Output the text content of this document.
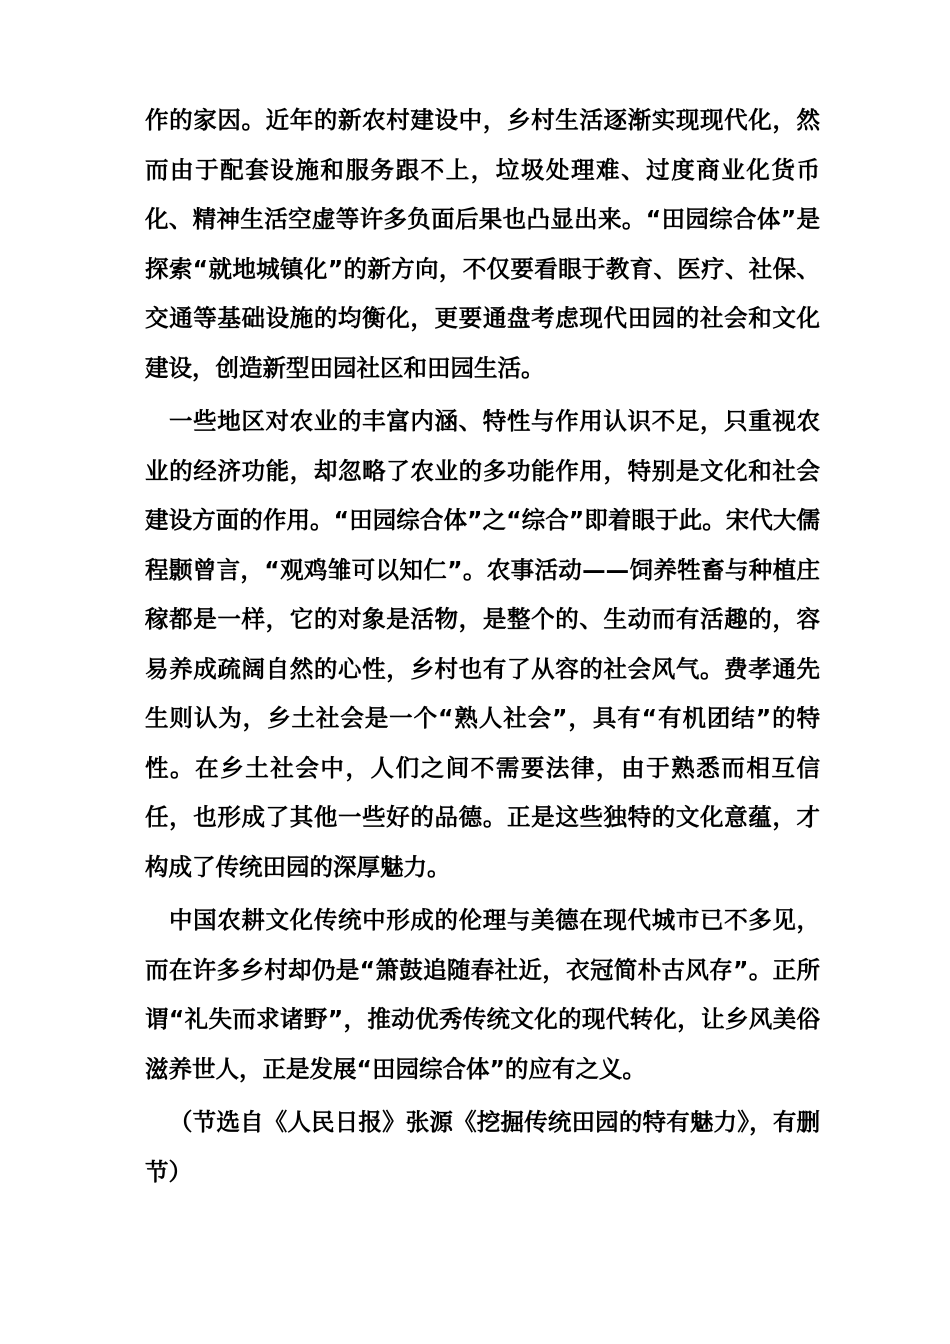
作的家因。近年的新农村建设中，乡村生活逐渐实现现代化，然而由于配套设施和服务跟不上，垃圾处理难、过度商业化货币化、精神生活空虚等许多负面后果也凸显出来。“田园综合体”是探索“就地城镇化”的新方向，不仅要看眼于教育、医疗、社保、交通等基础设施的均衡化，更要通盘考虑现代田园的社会和文化建设，创造新型田园社区和田园生活。

一些地区对农业的丰富内涵、特性与作用认识不足，只重视农业的经济功能，却忽略了农业的多功能作用，特别是文化和社会建设方面的作用。“田园综合体”之“综合”即着眼于此。宋代大儒程颢曾言，“观鸡雏可以知仁”。农事活动——饲养牲畜与种植庄稼都是一样，它的对象是活物，是整个的、生动而有活趣的，容易养成疏阔自然的心性，乡村也有了从容的社会风气。费孝通先生则认为，乡土社会是一个“熟人社会”，具有“有机团结”的特性。在乡土社会中，人们之间不需要法律，由于熟悉而相互信任，也形成了其他一些好的品德。正是这些独特的文化意蕴，才构成了传统田园的深厚魅力。

中国农耕文化传统中形成的伦理与美德在现代城市已不多见，而在许多乡村却仍是“箫鼓追随春社近，衣冠简朴古风存”。正所谓“礼失而求诸野”，推动优秀传统文化的现代转化，让乡风美俗滋养世人，正是发展“田园综合体”的应有之义。

（节选自《人民日报》张源《挖掘传统田园的特有魅力》，有删节）
